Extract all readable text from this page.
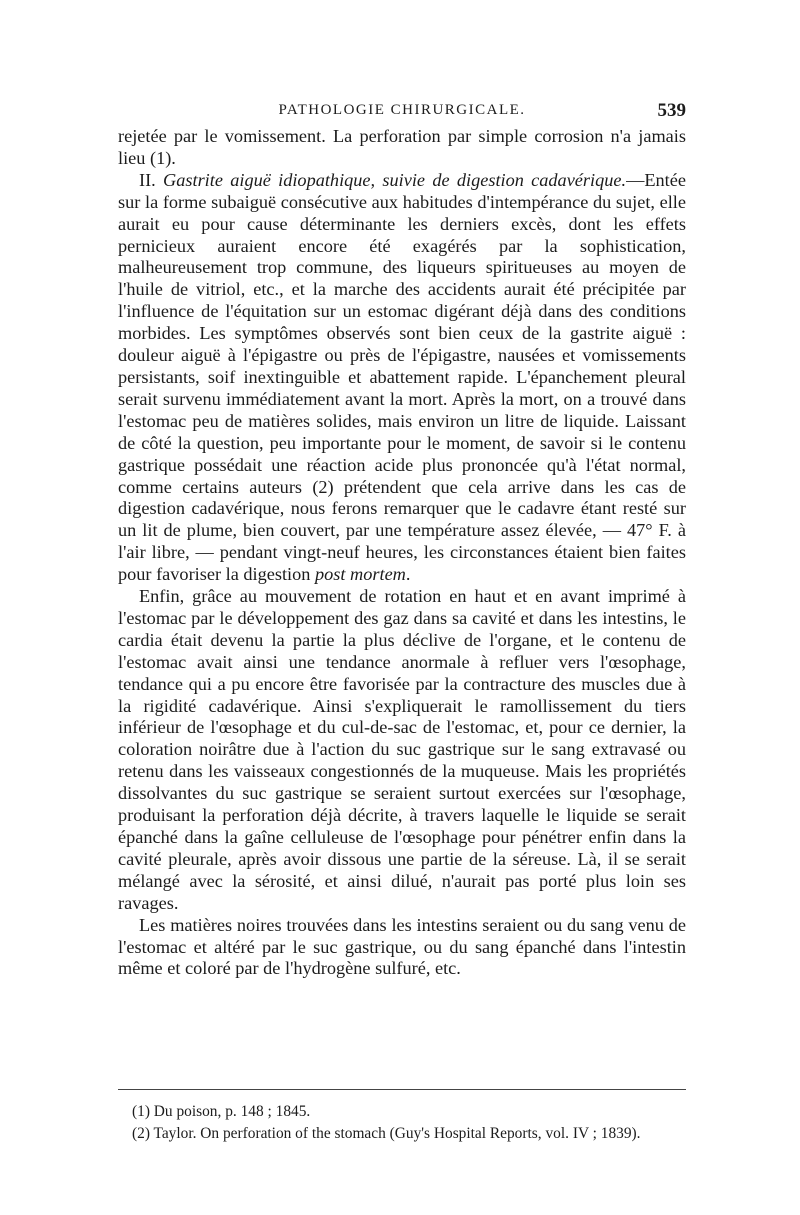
PATHOLOGIE CHIRURGICALE.	539

rejetée par le vomissement. La perforation par simple corrosion n'a jamais lieu (1).

II. Gastrite aiguë idiopathique, suivie de digestion cadavérique.—Entée sur la forme subaiguë consécutive aux habitudes d'intempérance du sujet, elle aurait eu pour cause déterminante les derniers excès, dont les effets pernicieux auraient encore été exagérés par la sophistication, malheureusement trop commune, des liqueurs spiritueuses au moyen de l'huile de vitriol, etc., et la marche des accidents aurait été précipitée par l'influence de l'équitation sur un estomac digérant déjà dans des conditions morbides. Les symptômes observés sont bien ceux de la gastrite aiguë : douleur aiguë à l'épigastre ou près de l'épigastre, nausées et vomissements persistants, soif inextinguible et abattement rapide. L'épanchement pleural serait survenu immédiatement avant la mort. Après la mort, on a trouvé dans l'estomac peu de matières solides, mais environ un litre de liquide. Laissant de côté la question, peu importante pour le moment, de savoir si le contenu gastrique possédait une réaction acide plus prononcée qu'à l'état normal, comme certains auteurs (2) prétendent que cela arrive dans les cas de digestion cadavérique, nous ferons remarquer que le cadavre étant resté sur un lit de plume, bien couvert, par une température assez élevée, — 47° F. à l'air libre, — pendant vingt-neuf heures, les circonstances étaient bien faites pour favoriser la digestion post mortem.

Enfin, grâce au mouvement de rotation en haut et en avant imprimé à l'estomac par le développement des gaz dans sa cavité et dans les intestins, le cardia était devenu la partie la plus déclive de l'organe, et le contenu de l'estomac avait ainsi une tendance anormale à refluer vers l'œsophage, tendance qui a pu encore être favorisée par la contracture des muscles due à la rigidité cadavérique. Ainsi s'expliquerait le ramollissement du tiers inférieur de l'œsophage et du cul-de-sac de l'estomac, et, pour ce dernier, la coloration noirâtre due à l'action du suc gastrique sur le sang extravasé ou retenu dans les vaisseaux congestionnés de la muqueuse. Mais les propriétés dissolvantes du suc gastrique se seraient surtout exercées sur l'œsophage, produisant la perforation déjà décrite, à travers laquelle le liquide se serait épanché dans la gaîne celluleuse de l'œsophage pour pénétrer enfin dans la cavité pleurale, après avoir dissous une partie de la séreuse. Là, il se serait mélangé avec la sérosité, et ainsi dilué, n'aurait pas porté plus loin ses ravages.

Les matières noires trouvées dans les intestins seraient ou du sang venu de l'estomac et altéré par le suc gastrique, ou du sang épanché dans l'intestin même et coloré par de l'hydrogène sulfuré, etc.

(1) Du poison, p. 148 ; 1845.

(2) Taylor. On perforation of the stomach (Guy's Hospital Reports, vol. IV ; 1839).
